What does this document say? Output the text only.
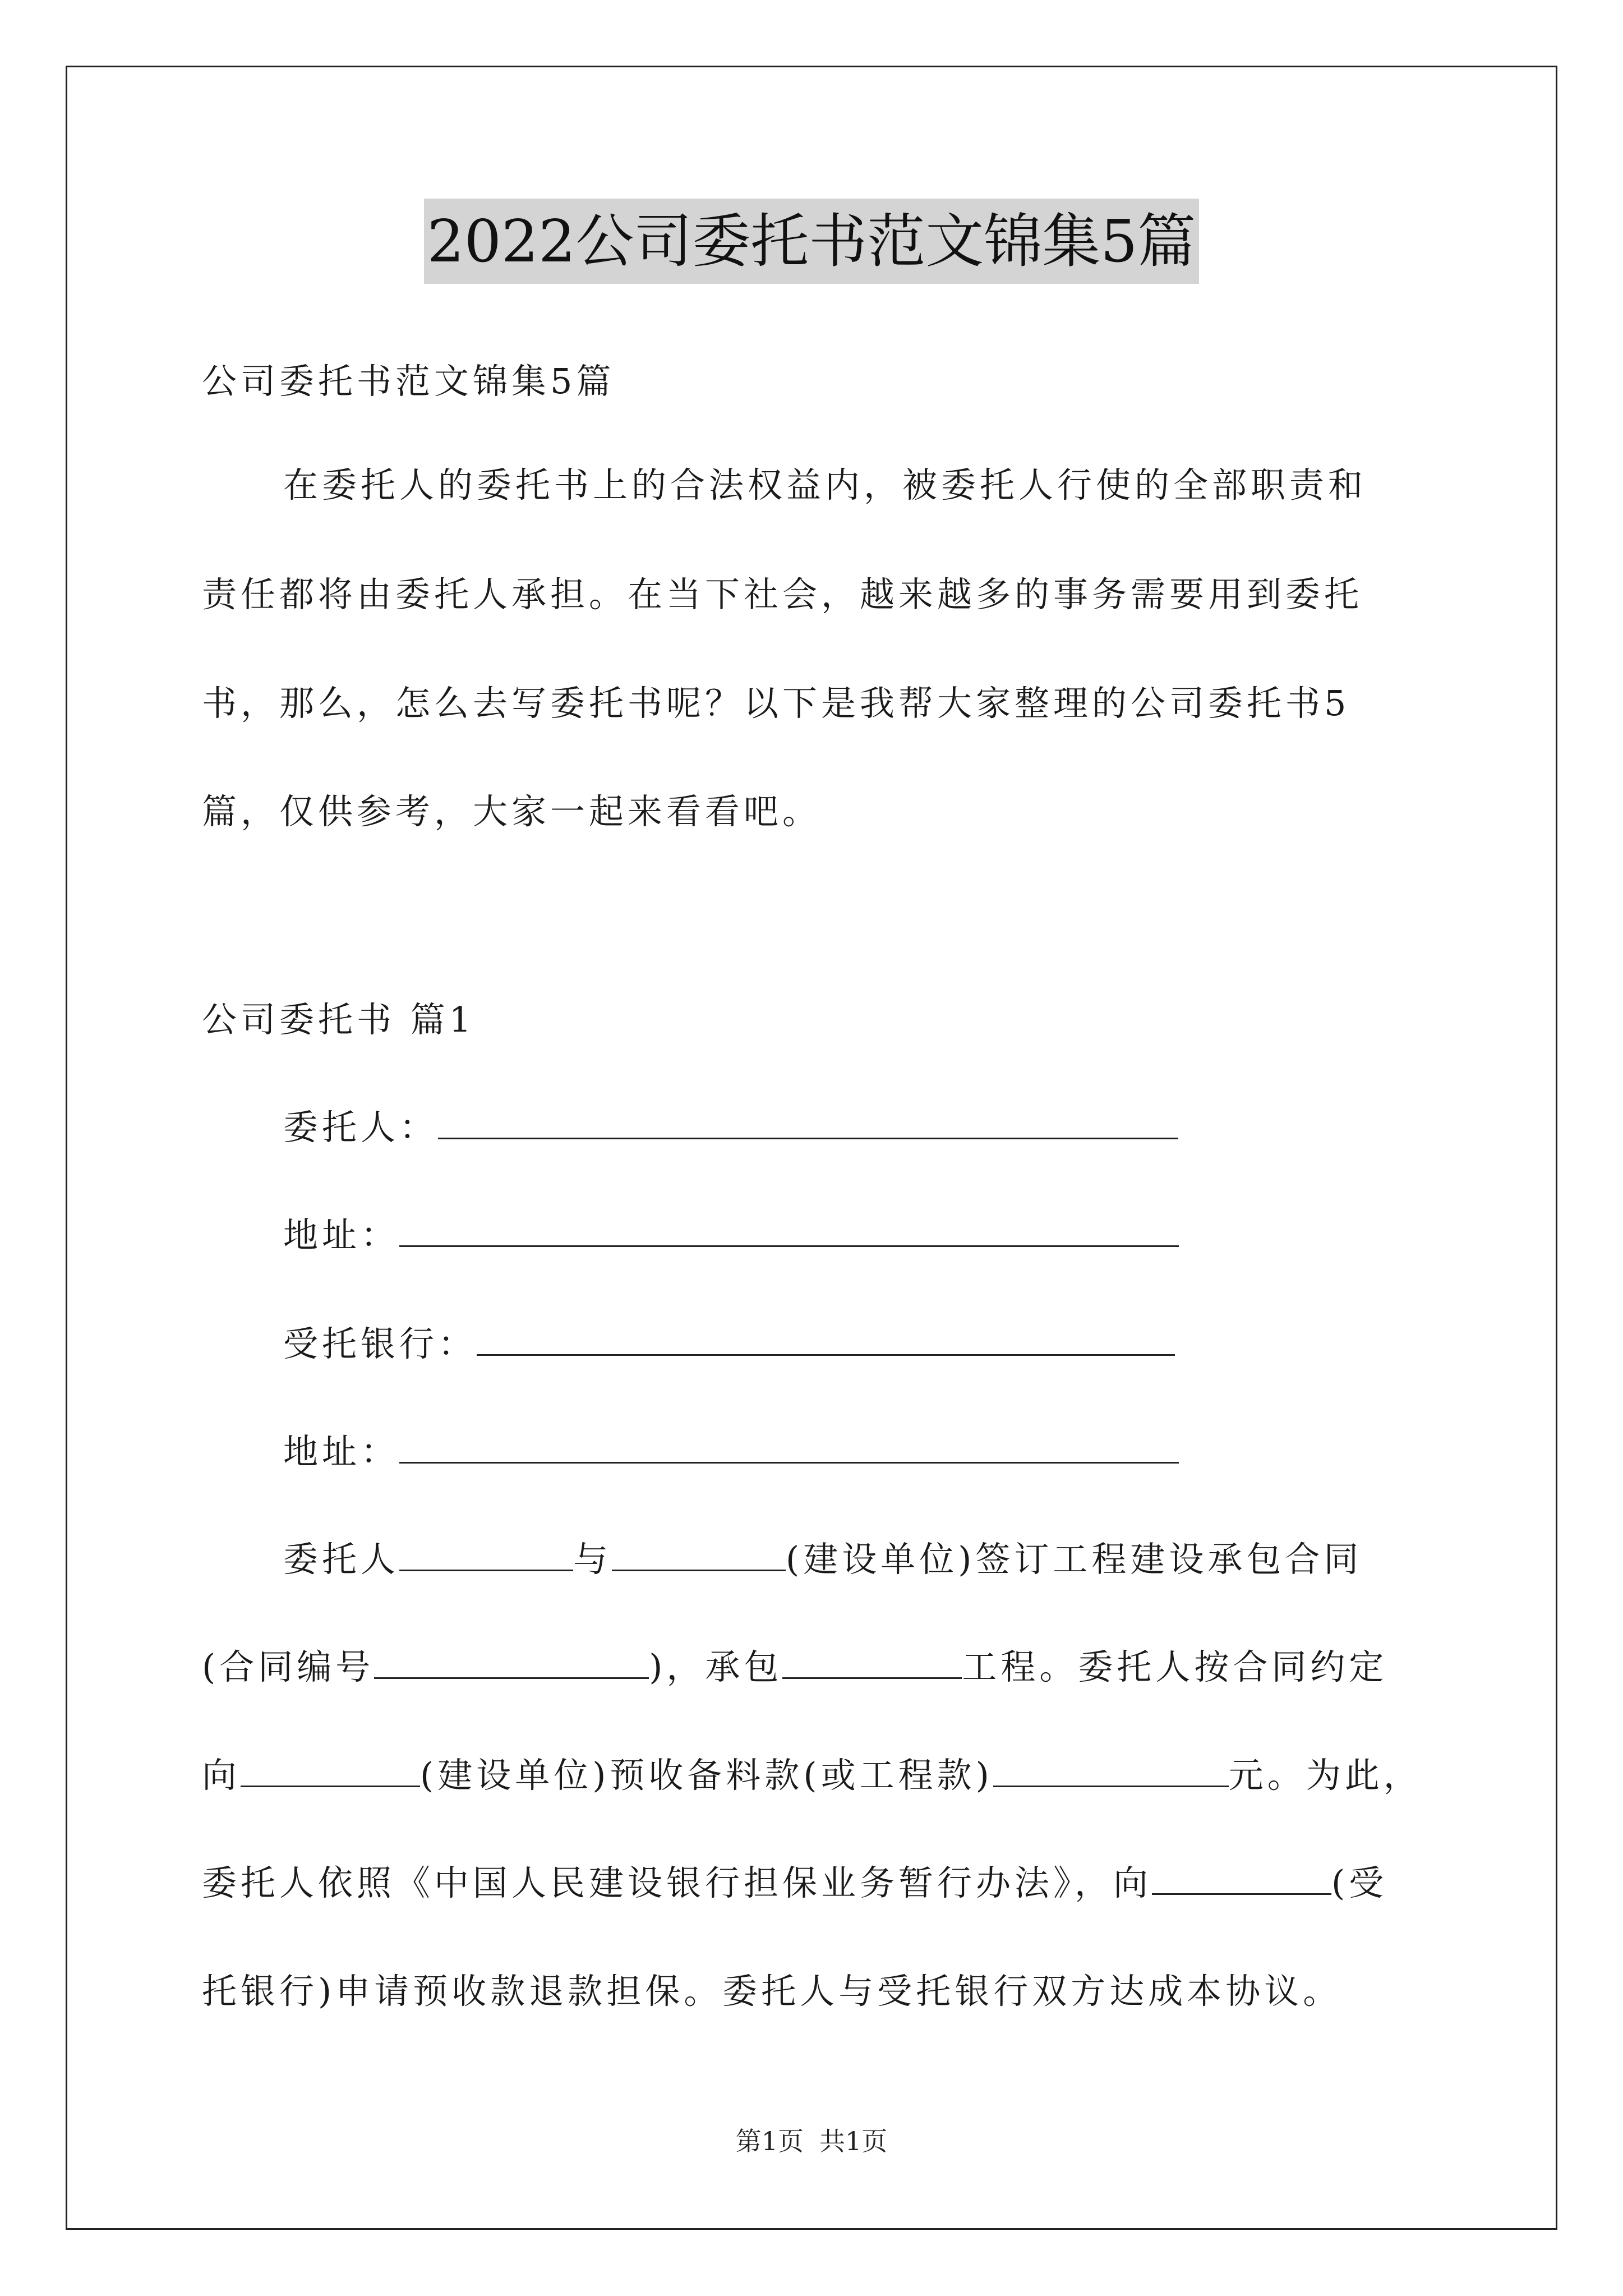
2022公司委托书范文锦集5篇
公司委托书范文锦集5篇
在委托人的委托书上的合法权益内，被委托人行使的全部职责和
责任都将由委托人承担。在当下社会，越来越多的事务需要用到委托
书，那么，怎么去写委托书呢？以下是我帮大家整理的公司委托书5
篇，仅供参考，大家一起来看看吧。
公司委托书 篇1
委托人：
地址：
受托银行：
地址：
委托人	与	(建设单位)签订工程建设承包合同
(合同编号	)，承包	工程。委托人按合同约定
向	(建设单位)预收备料款(或工程款)	元。为此，
委托人依照《中国人民建设银行担保业务暂行办法》，向	(受
托银行)申请预收款退款担保。委托人与受托银行双方达成本协议。
第1页 共1页
